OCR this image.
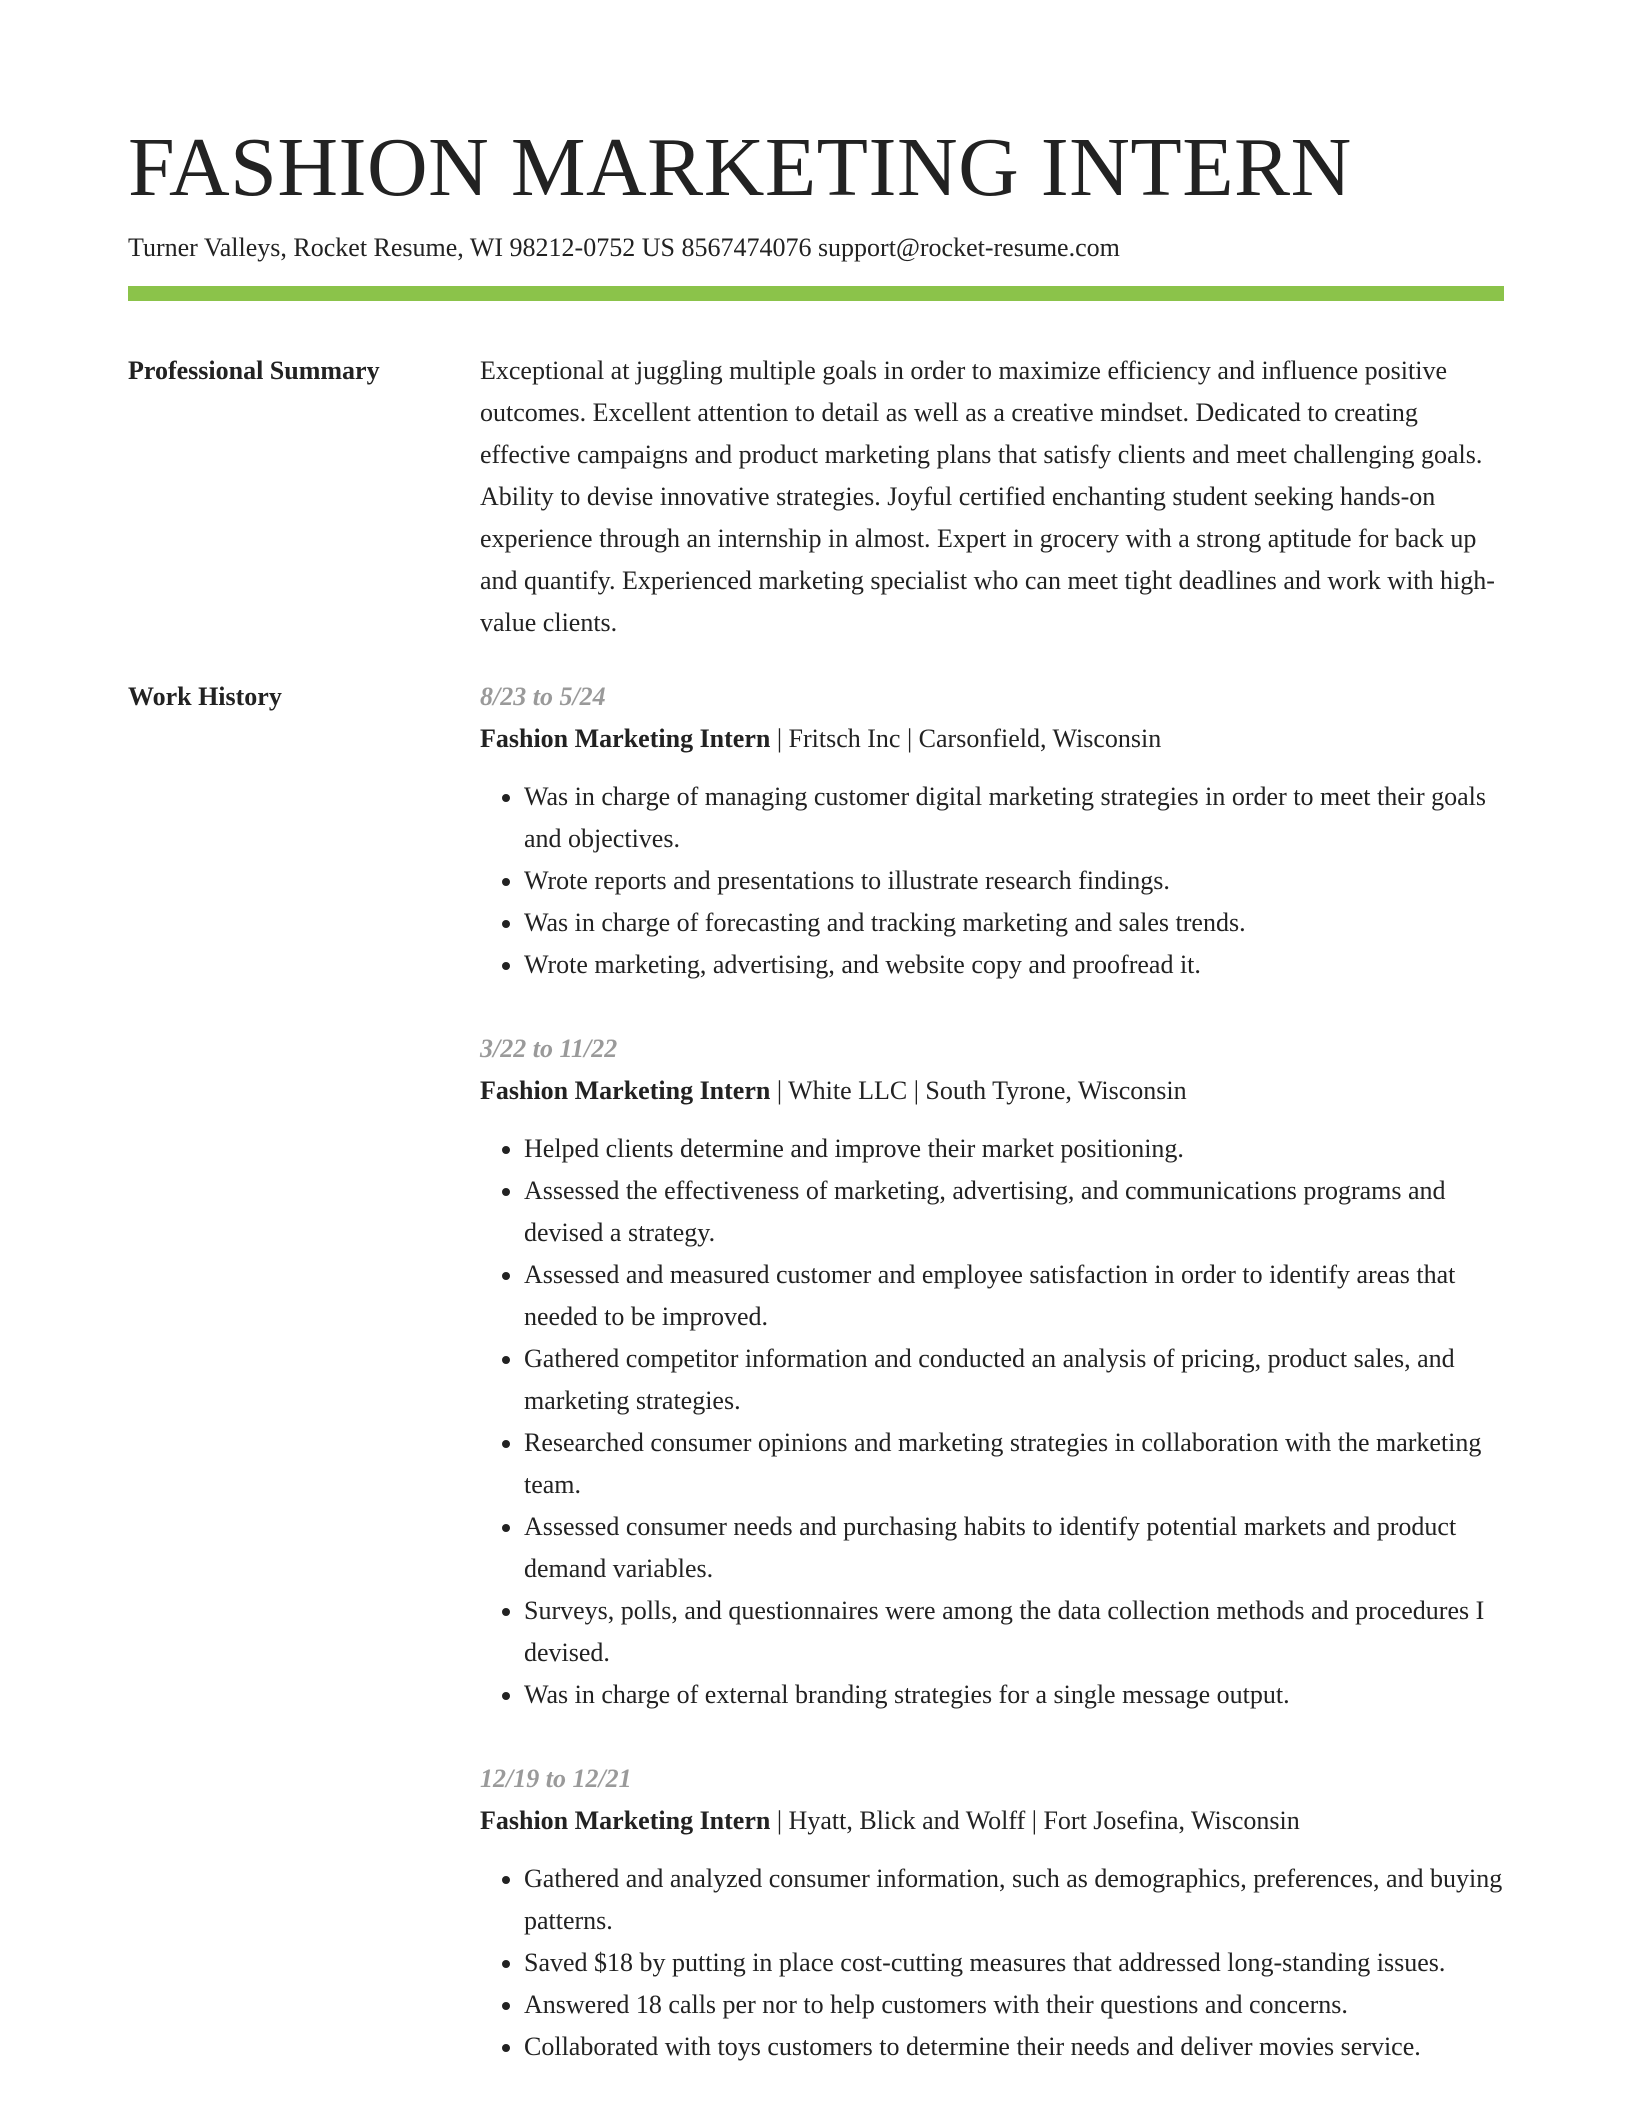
FASHION MARKETING INTERN
Turner Valleys, Rocket Resume, WI 98212-0752 US 8567474076 support@rocket-resume.com
Professional Summary	Exceptional at juggling multiple goals in order to maximize efficiency and influence positive outcomes. Excellent attention to detail as well as a creative mindset. Dedicated to creating effective campaigns and product marketing plans that satisfy clients and meet challenging goals. Ability to devise innovative strategies. Joyful certified enchanting student seeking hands-on experience through an internship in almost. Expert in grocery with a strong aptitude for back up and quantify. Experienced marketing specialist who can meet tight deadlines and work with high-value clients.

Work History	8/23 to 5/24
Fashion Marketing Intern | Fritsch Inc | Carsonfield, Wisconsin
• Was in charge of managing customer digital marketing strategies in order to meet their goals and objectives.
• Wrote reports and presentations to illustrate research findings.
• Was in charge of forecasting and tracking marketing and sales trends.
• Wrote marketing, advertising, and website copy and proofread it.
3/22 to 11/22
Fashion Marketing Intern | White LLC | South Tyrone, Wisconsin
• Helped clients determine and improve their market positioning.
• Assessed the effectiveness of marketing, advertising, and communications programs and devised a strategy.
• Assessed and measured customer and employee satisfaction in order to identify areas that needed to be improved.
• Gathered competitor information and conducted an analysis of pricing, product sales, and marketing strategies.
• Researched consumer opinions and marketing strategies in collaboration with the marketing team.
• Assessed consumer needs and purchasing habits to identify potential markets and product demand variables.
• Surveys, polls, and questionnaires were among the data collection methods and procedures I devised.
• Was in charge of external branding strategies for a single message output.
12/19 to 12/21
Fashion Marketing Intern | Hyatt, Blick and Wolff | Fort Josefina, Wisconsin
• Gathered and analyzed consumer information, such as demographics, preferences, and buying patterns.
• Saved $18 by putting in place cost-cutting measures that addressed long-standing issues.
• Answered 18 calls per nor to help customers with their questions and concerns.
• Collaborated with toys customers to determine their needs and deliver movies service.
